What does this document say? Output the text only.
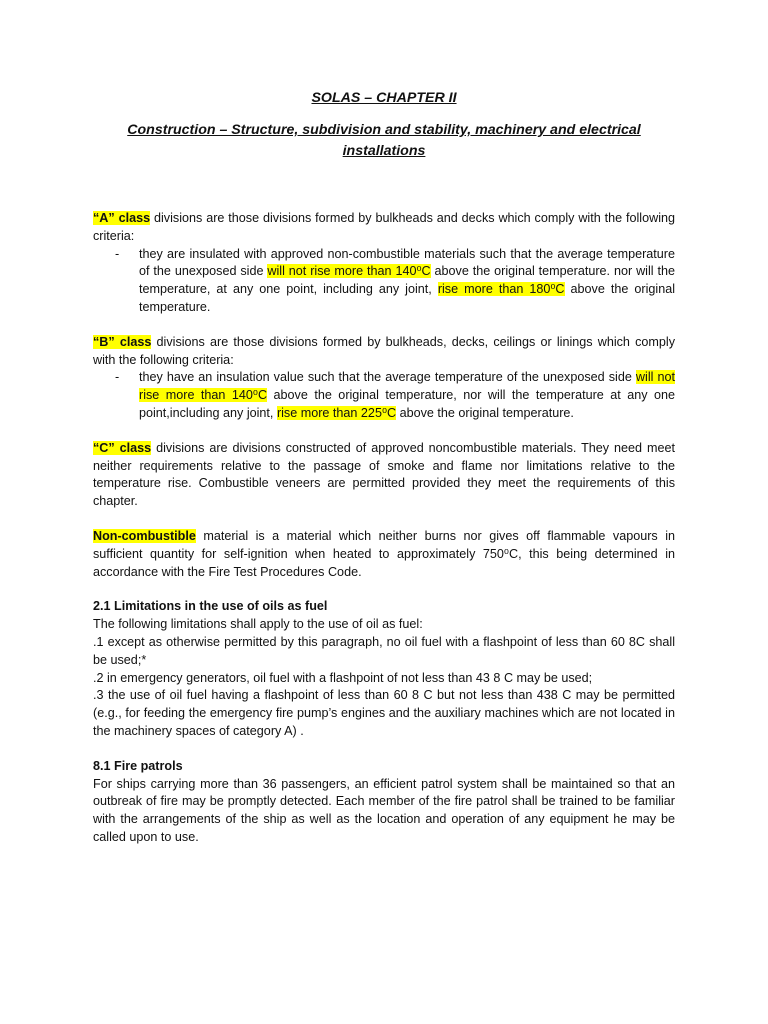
SOLAS – CHAPTER II

Construction – Structure, subdivision and stability, machinery and electrical installations

“A” class divisions are those divisions formed by bulkheads and decks which comply with the following criteria:

-	they are insulated with approved non-combustible materials such that the average temperature of the unexposed side will not rise more than 140⁰C above the original temperature. nor will the temperature, at any one point, including any joint, rise more than 180⁰C above the original temperature.

“B” class divisions are those divisions formed by bulkheads, decks, ceilings or linings which comply with the following criteria:

-	they have an insulation value such that the average temperature of the unexposed side will not rise more than 140⁰C above the original temperature, nor will the temperature at any one point,including any joint, rise more than 225⁰C above the original temperature.

“C” class divisions are divisions constructed of approved noncombustible materials. They need meet neither requirements relative to the passage of smoke and flame nor limitations relative to the temperature rise. Combustible veneers are permitted provided they meet the requirements of this chapter.

Non-combustible material is a material which neither burns nor gives off flammable vapours in sufficient quantity for self-ignition when heated to approximately 750⁰C, this being determined in accordance with the Fire Test Procedures Code.

2.1 Limitations in the use of oils as fuel

The following limitations shall apply to the use of oil as fuel:

.1 except as otherwise permitted by this paragraph, no oil fuel with a flashpoint of less than 60 8C shall be used;*

.2 in emergency generators, oil fuel with a flashpoint of not less than 43 8 C may be used;

.3 the use of oil fuel having a flashpoint of less than 60 8 C but not less than 438 C may be permitted (e.g., for feeding the emergency fire pump’s engines and the auxiliary machines which are not located in the machinery spaces of category A) .

8.1 Fire patrols

For ships carrying more than 36 passengers, an efficient patrol system shall be maintained so that an outbreak of fire may be promptly detected. Each member of the fire patrol shall be trained to be familiar with the arrangements of the ship as well as the location and operation of any equipment he may be called upon to use.
